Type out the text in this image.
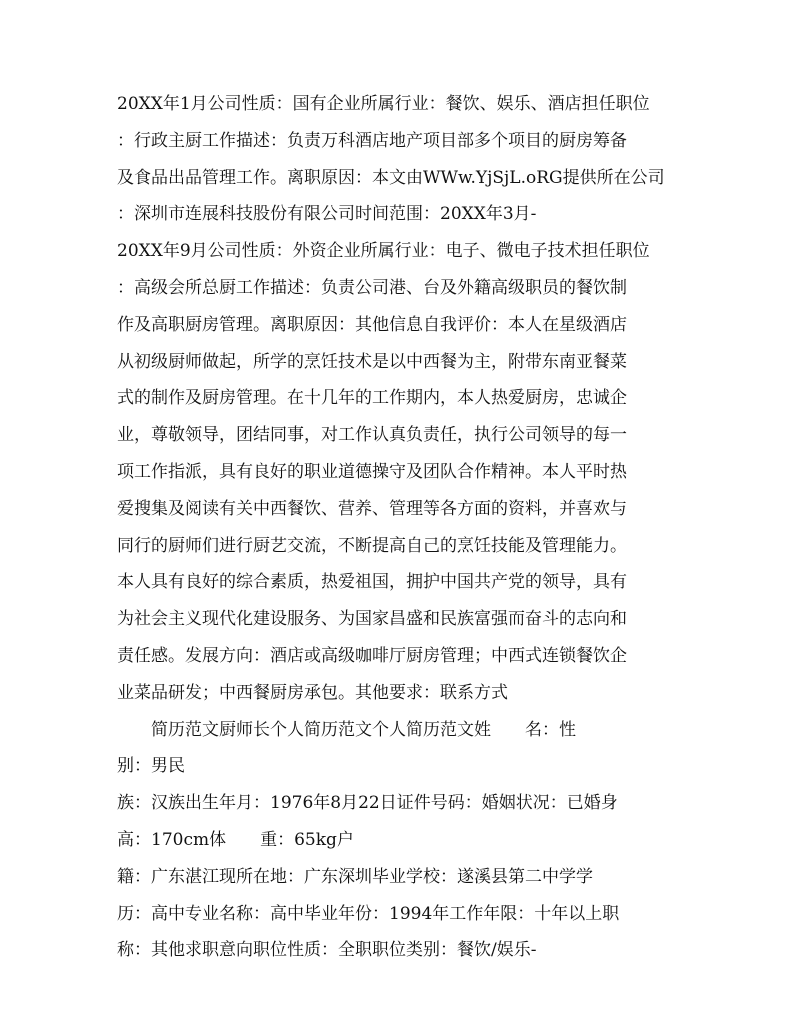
20XX年1月公司性质：国有企业所属行业：餐饮、娱乐、酒店担任职位
：行政主厨工作描述：负责万科酒店地产项目部多个项目的厨房筹备
及食品出品管理工作。离职原因：本文由WWw.YjSjL.oRG提供所在公司
：深圳市连展科技股份有限公司时间范围：20XX年3月-
20XX年9月公司性质：外资企业所属行业：电子、微电子技术担任职位
：高级会所总厨工作描述：负责公司港、台及外籍高级职员的餐饮制
作及高职厨房管理。离职原因：其他信息自我评价：本人在星级酒店
从初级厨师做起，所学的烹饪技术是以中西餐为主，附带东南亚餐菜
式的制作及厨房管理。在十几年的工作期内，本人热爱厨房，忠诚企
业，尊敬领导，团结同事，对工作认真负责任，执行公司领导的每一
项工作指派，具有良好的职业道德操守及团队合作精神。本人平时热
爱搜集及阅读有关中西餐饮、营养、管理等各方面的资料，并喜欢与
同行的厨师们进行厨艺交流，不断提高自己的烹饪技能及管理能力。
本人具有良好的综合素质，热爱祖国，拥护中国共产党的领导，具有
为社会主义现代化建设服务、为国家昌盛和民族富强而奋斗的志向和
责任感。发展方向：酒店或高级咖啡厅厨房管理；中西式连锁餐饮企
业菜品研发；中西餐厨房承包。其他要求：联系方式
　　简历范文厨师长个人简历范文个人简历范文姓　　名：性
别：男民
族：汉族出生年月：1976年8月22日证件号码：婚姻状况：已婚身
高：170cm体　　重：65kg户
籍：广东湛江现所在地：广东深圳毕业学校：遂溪县第二中学学
历：高中专业名称：高中毕业年份：1994年工作年限：十年以上职
称：其他求职意向职位性质：全职职位类别：餐饮/娱乐-
